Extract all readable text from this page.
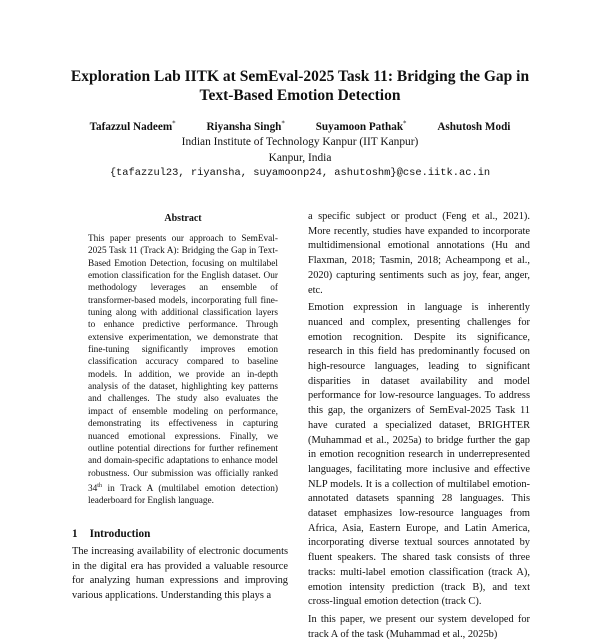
Exploration Lab IITK at SemEval-2025 Task 11: Bridging the Gap in
Text-Based Emotion Detection
Tafazzul Nadeem*	Riyansha Singh*	Suyamoon Pathak*	Ashutosh Modi
Indian Institute of Technology Kanpur (IIT Kanpur)
Kanpur, India
{tafazzul23, riyansha, suyamoonp24, ashutoshm}@cse.iitk.ac.in
Abstract
This paper presents our approach to SemEval-2025 Task 11 (Track A): Bridging the Gap in Text-Based Emotion Detection, focusing on multilabel emotion classification for the English dataset. Our methodology leverages an ensemble of transformer-based models, incorporating full fine-tuning along with additional classification layers to enhance predictive performance. Through extensive experimentation, we demonstrate that fine-tuning significantly improves emotion classification accuracy compared to baseline models. In addition, we provide an in-depth analysis of the dataset, highlighting key patterns and challenges. The study also evaluates the impact of ensemble modeling on performance, demonstrating its effectiveness in capturing nuanced emotional expressions. Finally, we outline potential directions for further refinement and domain-specific adaptations to enhance model robustness. Our submission was officially ranked 34th in Track A (multilabel emotion detection) leaderboard for English language.
1 Introduction
The increasing availability of electronic documents in the digital era has provided a valuable resource for analyzing human expressions and improving various applications. Understanding this plays a

a specific subject or product (Feng et al., 2021). More recently, studies have expanded to incorporate multidimensional emotional annotations (Hu and Flaxman, 2018; Tasmin, 2018; Acheampong et al., 2020) capturing sentiments such as joy, fear, anger, etc.

Emotion expression in language is inherently nuanced and complex, presenting challenges for emotion recognition. Despite its significance, research in this field has predominantly focused on high-resource languages, leading to significant disparities in dataset availability and model performance for low-resource languages. To address this gap, the organizers of SemEval-2025 Task 11 have curated a specialized dataset, BRIGHTER (Muhammad et al., 2025a) to bridge further the gap in emotion recognition research in underrepresented languages, facilitating more inclusive and effective NLP models. It is a collection of multilabel emotion-annotated datasets spanning 28 languages. This dataset emphasizes low-resource languages from Africa, Asia, Eastern Europe, and Latin America, incorporating diverse textual sources annotated by fluent speakers. The shared task consists of three tracks: multi-label emotion classification (track A), emotion intensity prediction (track B), and text cross-lingual emotion detection (track C).

In this paper, we present our system developed for track A of the task (Muhammad et al., 2025b)
